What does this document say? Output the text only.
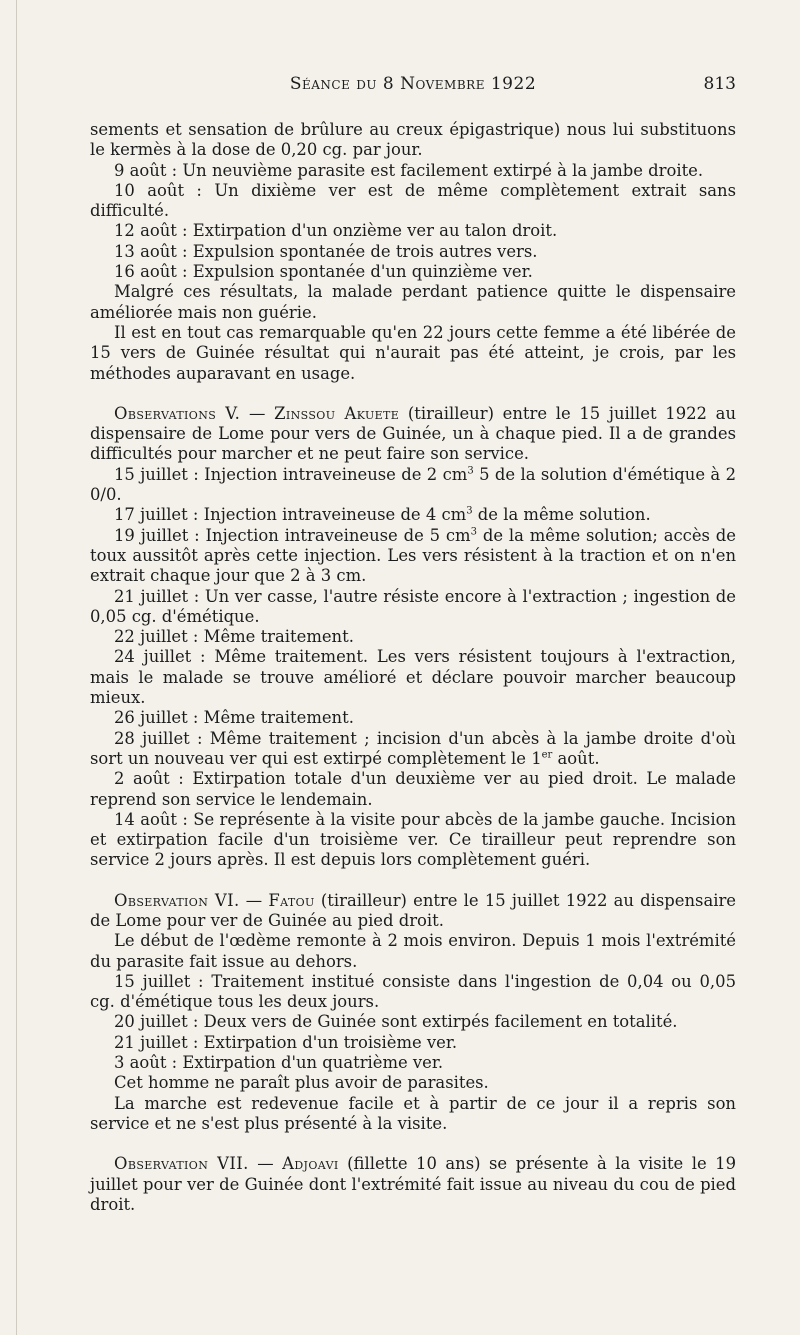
Séance du 8 Novembre 1922	813

sements et sensation de brûlure au creux épigastrique) nous lui substituons le kermès à la dose de 0,20 cg. par jour.

9 août : Un neuvième parasite est facilement extirpé à la jambe droite.

10 août : Un dixième ver est de même complètement extrait sans difficulté.

12 août : Extirpation d'un onzième ver au talon droit.

13 août : Expulsion spontanée de trois autres vers.

16 août : Expulsion spontanée d'un quinzième ver.

Malgré ces résultats, la malade perdant patience quitte le dispensaire améliorée mais non guérie.

Il est en tout cas remarquable qu'en 22 jours cette femme a été libérée de 15 vers de Guinée résultat qui n'aurait pas été atteint, je crois, par les méthodes auparavant en usage.

Observations V. — Zinssou Akuete (tirailleur) entre le 15 juillet 1922 au dispensaire de Lome pour vers de Guinée, un à chaque pied. Il a de grandes difficultés pour marcher et ne peut faire son service.

15 juillet : Injection intraveineuse de 2 $cm^3$ 5 de la solution d'émétique à 2 0/0.

17 juillet : Injection intraveineuse de 4 $cm^3$ de la même solution.

19 juillet : Injection intraveineuse de 5 $cm^3$ de la même solution; accès de toux aussitôt après cette injection. Les vers résistent à la traction et on n'en extrait chaque jour que 2 à 3 cm.

21 juillet : Un ver casse, l'autre résiste encore à l'extraction ; ingestion de 0,05 cg. d'émétique.

22 juillet : Même traitement.

24 juillet : Même traitement. Les vers résistent toujours à l'extraction, mais le malade se trouve amélioré et déclare pouvoir marcher beaucoup mieux.

26 juillet : Même traitement.

28 juillet : Même traitement ; incision d'un abcès à la jambe droite d'où sort un nouveau ver qui est extirpé complètement le 1er août.

2 août : Extirpation totale d'un deuxième ver au pied droit. Le malade reprend son service le lendemain.

14 août : Se représente à la visite pour abcès de la jambe gauche. Incision et extirpation facile d'un troisième ver. Ce tirailleur peut reprendre son service 2 jours après. Il est depuis lors complètement guéri.

Observation VI. — Fatou (tirailleur) entre le 15 juillet 1922 au dispensaire de Lome pour ver de Guinée au pied droit.

Le début de l'œdème remonte à 2 mois environ. Depuis 1 mois l'extrémité du parasite fait issue au dehors.

15 juillet : Traitement institué consiste dans l'ingestion de 0,04 ou 0,05 cg. d'émétique tous les deux jours.

20 juillet : Deux vers de Guinée sont extirpés facilement en totalité.

21 juillet : Extirpation d'un troisième ver.

3 août : Extirpation d'un quatrième ver.

Cet homme ne paraît plus avoir de parasites.

La marche est redevenue facile et à partir de ce jour il a repris son service et ne s'est plus présenté à la visite.

Observation VII. — Adjoavi (fillette 10 ans) se présente à la visite le 19 juillet pour ver de Guinée dont l'extrémité fait issue au niveau du cou de pied droit.
